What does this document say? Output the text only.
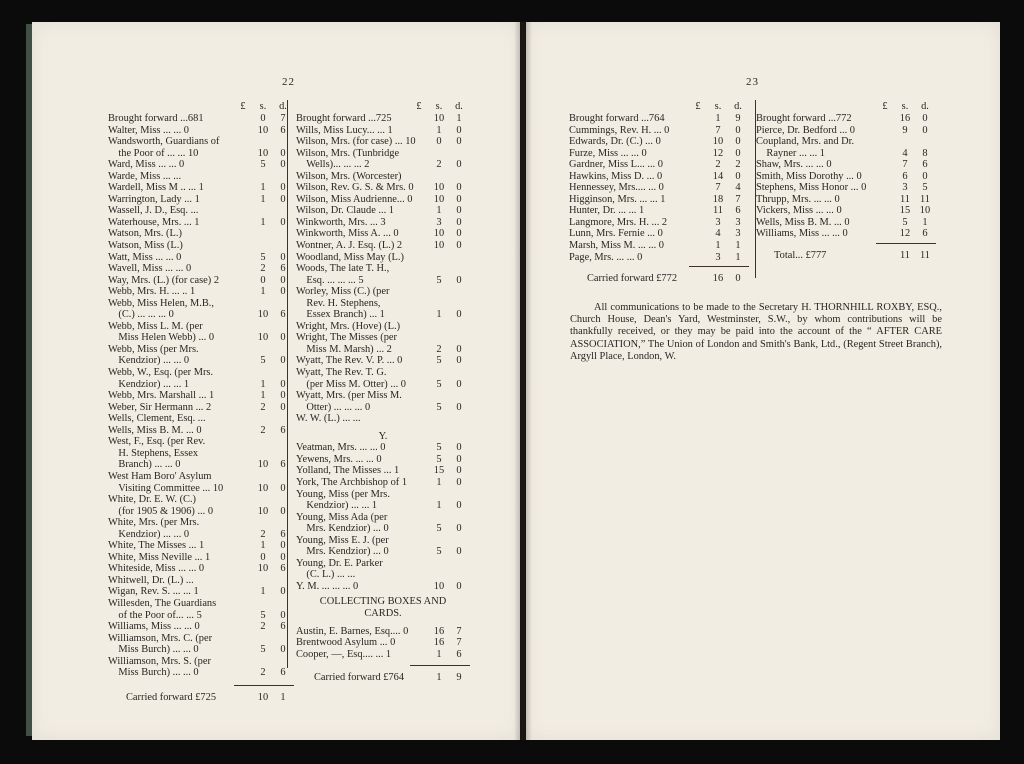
22	23
£	s.	d.
Brought forward ...681	0	7
Walter, Miss ... ... 0	10	6
Wandsworth, Guardians of
the Poor of ... ... 10	10	0
Ward, Miss ... ... 0	5	0
Warde, Miss ... ...
Wardell, Miss M .. ... 1	1	0
Warrington, Lady ... 1	1	0
Wassell, J. D., Esq. ...
Waterhouse, Mrs. ... 1	1	0
Watson, Mrs. (L.)
Watson, Miss (L.)
Watt, Miss ... ... 0	5	0
Wavell, Miss ... ... 0	2	6
Way, Mrs. (L.) (for case) 2	0	0
Webb, Mrs. H. ... .. 1	1	0
Webb, Miss Helen, M.B.,
(C.) ... ... ... 0	10	6
Webb, Miss L. M. (per
Miss Helen Webb) ... 0	10	0
Webb, Miss (per Mrs.
Kendzior) ... ... 0	5	0
Webb, W., Esq. (per Mrs.
Kendzior) ... ... 1	1	0
Webb, Mrs. Marshall ... 1	1	0
Weber, Sir Hermann ... 2	2	0
Wells, Clement, Esq. ...
Wells, Miss B. M. ... 0	2	6
West, F., Esq. (per Rev.
H. Stephens, Essex
Branch) ... ... 0	10	6
West Ham Boro' Asylum
Visiting Committee ... 10	10	0
White, Dr. E. W. (C.)
(for 1905 & 1906) ... 0	10	0
White, Mrs. (per Mrs.
Kendzior) ... ... 0	2	6
White, The Misses ... 1	1	0
White, Miss Neville ... 1	0	0
Whiteside, Miss ... ... 0	10	6
Whitwell, Dr. (L.) ...
Wigan, Rev. S. ... ... 1	1	0
Willesden, The Guardians
of the Poor of... ... 5	5	0
Williams, Miss ... ... 0	2	6
Williamson, Mrs. C. (per
Miss Burch) ... ... 0	5	0
Williamson, Mrs. S. (per
Miss Burch) ... ... 0	2	6
Carried forward £725	10	1
£	s.	d.
Brought forward ...725	10	1
Wills, Miss Lucy... ... 1	1	0
Wilson, Mrs. (for case) ... 10	0	0
Wilson, Mrs. (Tunbridge
Wells)... ... ... 2	2	0
Wilson, Mrs. (Worcester)
Wilson, Rev. G. S. & Mrs. 0 10	0
Wilson, Miss Audrienne... 0 10	0
Wilson, Dr. Claude ... 1	1	0
Winkworth, Mrs. ... 3	3	0
Winkworth, Miss A. ... 0	10	0
Wontner, A. J. Esq. (L.) 2	10	0
Woodland, Miss May (L.)
Woods, The late T. H.,
Esq. ... ... ... 5	5	0
Worley, Miss (C.) (per
Rev. H. Stephens,
Essex Branch) ... 1	1	0
Wright, Mrs. (Hove) (L.)
Wright, The Misses (per
Miss M. Marsh) ... 2	2	0
Wyatt, The Rev. V. P. ... 0	5	0
Wyatt, The Rev. T. G.
(per Miss M. Otter) ... 0	5	0
Wyatt, Mrs. (per Miss M.
Otter) ... ... ... 0	5	0
W. W. (L.) ... ...
Y.
Veatman, Mrs. ... ... 0	5	0
Yewens, Mrs. ... ... 0	5	0
Yolland, The Misses ... 1	15	0
York, The Archbishop of 1	1	0
Young, Miss (per Mrs.
Kendzior) ... ... 1	1	0
Young, Miss Ada (per
Mrs. Kendzior) ... 0	5	0
Young, Miss E. J. (per
Mrs. Kendzior) ... 0	5	0
Young, Dr. E. Parker
(C. L.) ... ...
Y. M. ... ... ... 0	10	0
COLLECTING BOXES AND
CARDS.
Austin, E. Barnes, Esq.... 0 16	7
Brentwood Asylum ... 0	16	7
Cooper, —, Esq.... ... 1	1	6
Carried forward £764	1	9
£	s.	d.
Brought forward ...764	1	9
Cummings, Rev. H. ... 0	7	0
Edwards, Dr. (C.) ... 0	10	0
Furze, Miss ... ... 0	12	0
Gardner, Miss L... ... 0	2	2
Hawkins, Miss D. ... 0	14	0
Hennessey, Mrs.... ... 0	7	4
Higginson, Mrs. ... ... 1	18	7
Hunter, Dr. ... ... 1	11	6
Langmore, Mrs. H. ... 2	3	3
Lunn, Mrs. Fernie ... 0	4	3
Marsh, Miss M. ... ... 0	1	1
Page, Mrs. ... ... 0	3	1
Carried forward £772	16	0
£	s.	d.
Brought forward ...772	16	0
Pierce, Dr. Bedford ... 0	9	0
Coupland, Mrs. and Dr.
Rayner ... ... 1	4	8
Shaw, Mrs. ... ... 0	7	6
Smith, Miss Dorothy ... 0	6	0
Stephens, Miss Honor ... 0	3	5
Thrupp, Mrs. ... ... 0	11 11
Vickers, Miss ... ... 0	15 10
Wells, Miss B. M. ... 0	5	1
Williams, Miss ... ... 0	12	6
Total... £777	11 11
All communications to be made to the Secretary H. THORNHILL ROXBY, ESQ., Church House, Dean's Yard, Westminster, S.W., by whom contributions will be thankfully received, or they may be paid into the account of the “ AFTER CARE ASSOCIATION,” The Union of London and Smith's Bank, Ltd., (Regent Street Branch), Argyll Place, London, W.
